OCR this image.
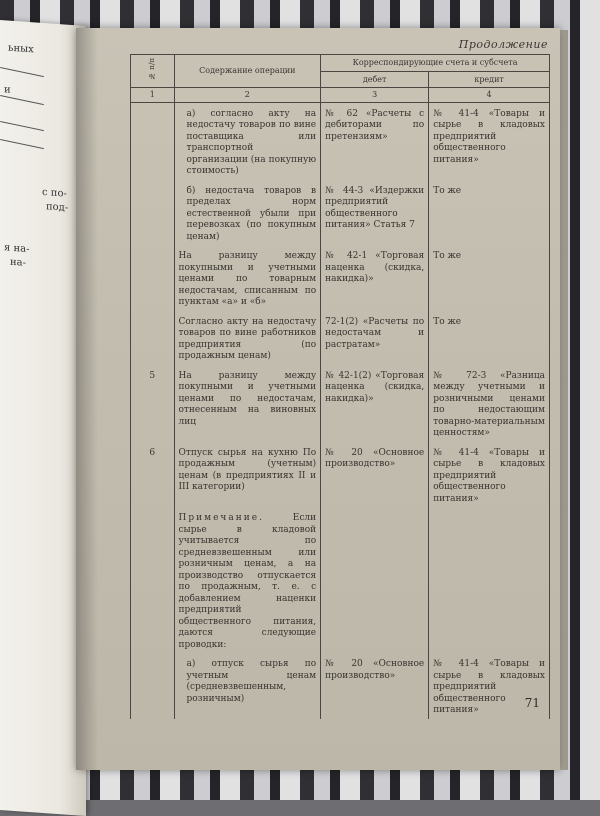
ьных
и
с по-
под-
я на-
на-
Продолжение
№ п/п	Содержание операции	Корреспондирующие счета и субсчета	
		дебет	кредит
1	2	3	4
	а) согласно акту на недостачу товаров по вине поставщика или транспортной организации (на покупную стоимость)	№ 62 «Расчеты с дебиторами по претензиям»	№ 41-4 «Товары и сырье в кладовых предприятий общественного питания»
	б) недостача товаров в пределах норм естественной убыли при перевозках (по покупным ценам)	№ 44-3 «Издержки предприятий общественного питания» Статья 7	То же
	На разницу между покупными и учетными ценами по товарным недостачам, списанным по пунктам «а» и «б»	№ 42-1 «Торговая наценка (скидка, накидка)»	То же
	Согласно акту на недостачу товаров по вине работников предприятия (по продажным ценам)	72-1(2) «Расчеты по недостачам и растратам»	То же
5	На разницу между покупными и учетными ценами по недостачам, отнесенным на виновных лиц	№ 42-1(2) «Торговая наценка (скидка, накидка)»	№ 72-3 «Разница между учетными и розничными ценами по недостающим товарно-материальным ценностям»
6	Отпуск сырья на кухню По продажным (учетным) ценам (в предприятиях II и III категории)	№ 20 «Основное производство»	№ 41-4 «Товары и сырье в кладовых предприятий общественного питания»
	Примечание. Если сырье в кладовой учитывается по средневзвешенным или розничным ценам, а на производство отпускается по продажным, т. е. с добавлением наценки предприятий общественного питания, даются следующие проводки:		
	а) отпуск сырья по учетным ценам (средневзвешенным, розничным)	№ 20 «Основное производство»	№ 41-4 «Товары и сырье в кладовых предприятий общественного питания»	71
